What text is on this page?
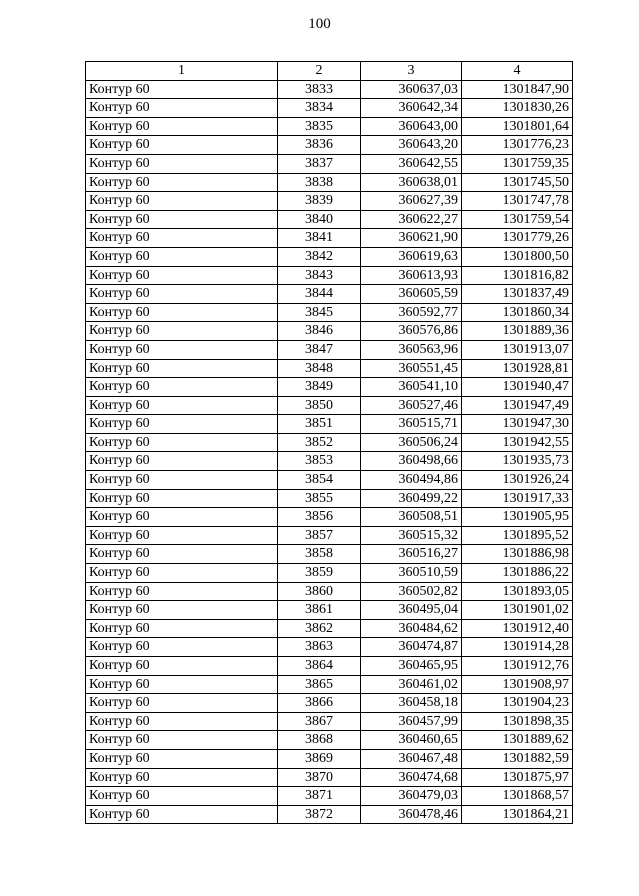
100
1	2	3	4
Контур 60	3833	360637,03	1301847,90
Контур 60	3834	360642,34	1301830,26
Контур 60	3835	360643,00	1301801,64
Контур 60	3836	360643,20	1301776,23
Контур 60	3837	360642,55	1301759,35
Контур 60	3838	360638,01	1301745,50
Контур 60	3839	360627,39	1301747,78
Контур 60	3840	360622,27	1301759,54
Контур 60	3841	360621,90	1301779,26
Контур 60	3842	360619,63	1301800,50
Контур 60	3843	360613,93	1301816,82
Контур 60	3844	360605,59	1301837,49
Контур 60	3845	360592,77	1301860,34
Контур 60	3846	360576,86	1301889,36
Контур 60	3847	360563,96	1301913,07
Контур 60	3848	360551,45	1301928,81
Контур 60	3849	360541,10	1301940,47
Контур 60	3850	360527,46	1301947,49
Контур 60	3851	360515,71	1301947,30
Контур 60	3852	360506,24	1301942,55
Контур 60	3853	360498,66	1301935,73
Контур 60	3854	360494,86	1301926,24
Контур 60	3855	360499,22	1301917,33
Контур 60	3856	360508,51	1301905,95
Контур 60	3857	360515,32	1301895,52
Контур 60	3858	360516,27	1301886,98
Контур 60	3859	360510,59	1301886,22
Контур 60	3860	360502,82	1301893,05
Контур 60	3861	360495,04	1301901,02
Контур 60	3862	360484,62	1301912,40
Контур 60	3863	360474,87	1301914,28
Контур 60	3864	360465,95	1301912,76
Контур 60	3865	360461,02	1301908,97
Контур 60	3866	360458,18	1301904,23
Контур 60	3867	360457,99	1301898,35
Контур 60	3868	360460,65	1301889,62
Контур 60	3869	360467,48	1301882,59
Контур 60	3870	360474,68	1301875,97
Контур 60	3871	360479,03	1301868,57
Контур 60	3872	360478,46	1301864,21
